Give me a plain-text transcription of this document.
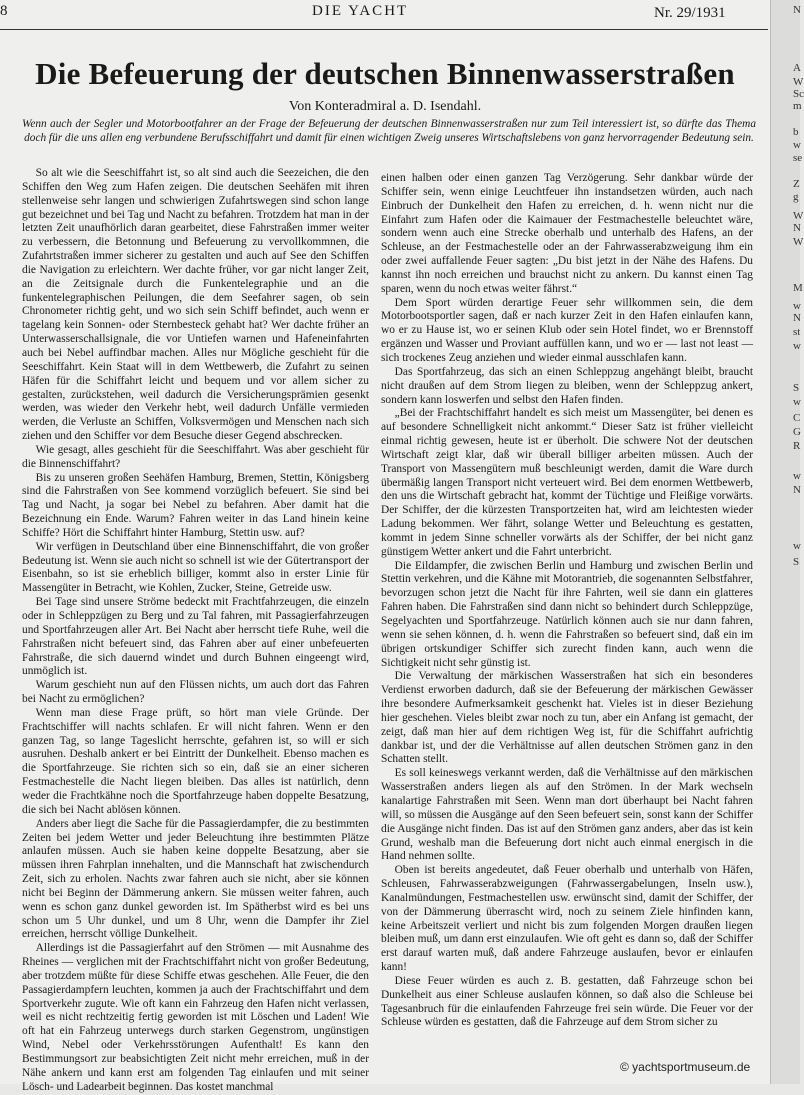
8	DIE YACHT	Nr. 29/1931
Die Befeuerung der deutschen Binnenwasserstraßen
Von Konteradmiral a. D. Isendahl.
Wenn auch der Segler und Motorbootfahrer an der Frage der Befeuerung der deutschen Binnenwasserstraßen nur zum Teil interessiert ist, so dürfte das Thema doch für die uns allen eng verbundene Berufsschiffahrt und damit für einen wichtigen Zweig unseres Wirtschaftslebens von ganz hervorragender Bedeutung sein.

So alt wie die Seeschiffahrt ist, so alt sind auch die Seezeichen, die den Schiffen den Weg zum Hafen zeigen. Die deutschen Seehäfen mit ihren stellenweise sehr langen und schwierigen Zufahrtswegen sind schon lange gut bezeichnet und bei Tag und Nacht zu befahren. Trotzdem hat man in der letzten Zeit unaufhörlich daran gearbeitet, diese Fahrstraßen immer weiter zu verbessern, die Betonnung und Befeuerung zu vervollkommnen, die Zufahrtstraßen immer sicherer zu gestalten und auch auf See den Schiffen die Navigation zu erleichtern. Wer dachte früher, vor gar nicht langer Zeit, an die Zeitsignale durch die Funkentelegraphie und an die funkentelegraphischen Peilungen, die dem Seefahrer sagen, ob sein Chronometer richtig geht, und wo sich sein Schiff befindet, auch wenn er tagelang kein Sonnen- oder Sternbesteck gehabt hat? Wer dachte früher an Unterwasserschallsignale, die vor Untiefen warnen und Hafeneinfahrten auch bei Nebel auffindbar machen. Alles nur Mögliche geschieht für die Seeschiffahrt. Kein Staat will in dem Wettbewerb, die Zufahrt zu seinen Häfen für die Schiffahrt leicht und bequem und vor allem sicher zu gestalten, zurückstehen, weil dadurch die Versicherungsprämien gesenkt werden, was wieder den Verkehr hebt, weil dadurch Unfälle vermieden werden, die Verluste an Schiffen, Volksvermögen und Menschen nach sich ziehen und den Schiffer vor dem Besuche dieser Gegend abschrecken.

Wie gesagt, alles geschieht für die Seeschiffahrt. Was aber geschieht für die Binnenschiffahrt?

Bis zu unseren großen Seehäfen Hamburg, Bremen, Stettin, Königsberg sind die Fahrstraßen von See kommend vorzüglich befeuert. Sie sind bei Tag und Nacht, ja sogar bei Nebel zu befahren. Aber damit hat die Bezeichnung ein Ende. Warum? Fahren weiter in das Land hinein keine Schiffe? Hört die Schiffahrt hinter Hamburg, Stettin usw. auf?

Wir verfügen in Deutschland über eine Binnenschiffahrt, die von großer Bedeutung ist. Wenn sie auch nicht so schnell ist wie der Gütertransport der Eisenbahn, so ist sie erheblich billiger, kommt also in erster Linie für Massengüter in Betracht, wie Kohlen, Zucker, Steine, Getreide usw.

Bei Tage sind unsere Ströme bedeckt mit Frachtfahrzeugen, die einzeln oder in Schleppzügen zu Berg und zu Tal fahren, mit Passagierfahrzeugen und Sportfahrzeugen aller Art. Bei Nacht aber herrscht tiefe Ruhe, weil die Fahrstraßen nicht befeuert sind, das Fahren aber auf einer unbefeuerten Fahrstraße, die sich dauernd windet und durch Buhnen eingeengt wird, unmöglich ist.

Warum geschieht nun auf den Flüssen nichts, um auch dort das Fahren bei Nacht zu ermöglichen?

Wenn man diese Frage prüft, so hört man viele Gründe. Der Frachtschiffer will nachts schlafen. Er will nicht fahren. Wenn er den ganzen Tag, so lange Tageslicht herrschte, gefahren ist, so will er sich ausruhen. Deshalb ankert er bei Eintritt der Dunkelheit. Ebenso machen es die Sportfahrzeuge. Sie richten sich so ein, daß sie an einer sicheren Festmachestelle die Nacht liegen bleiben. Das alles ist natürlich, denn weder die Frachtkähne noch die Sportfahrzeuge haben doppelte Besatzung, die sich bei Nacht ablösen können.

Anders aber liegt die Sache für die Passagierdampfer, die zu bestimmten Zeiten bei jedem Wetter und jeder Beleuchtung ihre bestimmten Plätze anlaufen müssen. Auch sie haben keine doppelte Besatzung, aber sie müssen ihren Fahrplan innehalten, und die Mannschaft hat zwischendurch Zeit, sich zu erholen. Nachts zwar fahren auch sie nicht, aber sie können nicht bei Beginn der Dämmerung ankern. Sie müssen weiter fahren, auch wenn es schon ganz dunkel geworden ist. Im Spätherbst wird es bei uns schon um 5 Uhr dunkel, und um 8 Uhr, wenn die Dampfer ihr Ziel erreichen, herrscht völlige Dunkelheit.

Allerdings ist die Passagierfahrt auf den Strömen — mit Ausnahme des Rheines — verglichen mit der Frachtschiffahrt nicht von großer Bedeutung, aber trotzdem müßte für diese Schiffe etwas geschehen. Alle Feuer, die den Passagierdampfern leuchten, kommen ja auch der Frachtschiffahrt und dem Sportverkehr zugute. Wie oft kann ein Fahrzeug den Hafen nicht verlassen, weil es nicht rechtzeitig fertig geworden ist mit Löschen und Laden! Wie oft hat ein Fahrzeug unterwegs durch starken Gegenstrom, ungünstigen Wind, Nebel oder Verkehrsstörungen Aufenthalt! Es kann den Bestimmungsort zur beabsichtigten Zeit nicht mehr erreichen, muß in der Nähe ankern und kann erst am folgenden Tag einlaufen und mit seiner Lösch- und Ladearbeit beginnen. Das kostet manchmal

einen halben oder einen ganzen Tag Verzögerung. Sehr dankbar würde der Schiffer sein, wenn einige Leuchtfeuer ihn instandsetzen würden, auch nach Einbruch der Dunkelheit den Hafen zu erreichen, d. h. wenn nicht nur die Einfahrt zum Hafen oder die Kaimauer der Festmachestelle beleuchtet wäre, sondern wenn auch eine Strecke oberhalb und unterhalb des Hafens, an der Schleuse, an der Festmachestelle oder an der Fahrwasserabzweigung ihm ein oder zwei auffallende Feuer sagten: „Du bist jetzt in der Nähe des Hafens. Du kannst ihn noch erreichen und brauchst nicht zu ankern. Du kannst einen Tag sparen, wenn du noch etwas weiter fährst.“

Dem Sport würden derartige Feuer sehr willkommen sein, die dem Motorbootsportler sagen, daß er nach kurzer Zeit in den Hafen einlaufen kann, wo er zu Hause ist, wo er seinen Klub oder sein Hotel findet, wo er Brennstoff ergänzen und Wasser und Proviant auffüllen kann, und wo er — last not least — sich trockenes Zeug anziehen und wieder einmal ausschlafen kann.

Das Sportfahrzeug, das sich an einen Schleppzug angehängt bleibt, braucht nicht draußen auf dem Strom liegen zu bleiben, wenn der Schleppzug ankert, sondern kann loswerfen und selbst den Hafen finden.

„Bei der Frachtschiffahrt handelt es sich meist um Massengüter, bei denen es auf besondere Schnelligkeit nicht ankommt.“ Dieser Satz ist früher vielleicht einmal richtig gewesen, heute ist er überholt. Die schwere Not der deutschen Wirtschaft zeigt klar, daß wir überall billiger arbeiten müssen. Auch der Transport von Massengütern muß beschleunigt werden, damit die Ware durch übermäßig langen Transport nicht verteuert wird. Bei dem enormen Wettbewerb, den uns die Wirtschaft gebracht hat, kommt der Tüchtige und Fleißige vorwärts. Der Schiffer, der die kürzesten Transportzeiten hat, wird am leichtesten wieder Ladung bekommen. Wer fährt, solange Wetter und Beleuchtung es gestatten, kommt in jedem Sinne schneller vorwärts als der Schiffer, der bei nicht ganz günstigem Wetter ankert und die Fahrt unterbricht.

Die Eildampfer, die zwischen Berlin und Hamburg und zwischen Berlin und Stettin verkehren, und die Kähne mit Motorantrieb, die sogenannten Selbstfahrer, bevorzugen schon jetzt die Nacht für ihre Fahrten, weil sie dann ein glatteres Fahren haben. Die Fahrstraßen sind dann nicht so behindert durch Schleppzüge, Segelyachten und Sportfahrzeuge. Natürlich können auch sie nur dann fahren, wenn sie sehen können, d. h. wenn die Fahrstraßen so befeuert sind, daß ein im übrigen ortskundiger Schiffer sich zurecht finden kann, auch wenn die Sichtigkeit nicht sehr günstig ist.

Die Verwaltung der märkischen Wasserstraßen hat sich ein besonderes Verdienst erworben dadurch, daß sie der Befeuerung der märkischen Gewässer ihre besondere Aufmerksamkeit geschenkt hat. Vieles ist in dieser Beziehung hier geschehen. Vieles bleibt zwar noch zu tun, aber ein Anfang ist gemacht, der zeigt, daß man hier auf dem richtigen Weg ist, für die Schiffahrt aufrichtig dankbar ist, und der die Verhältnisse auf allen deutschen Strömen ganz in den Schatten stellt.

Es soll keineswegs verkannt werden, daß die Verhältnisse auf den märkischen Wasserstraßen anders liegen als auf den Strömen. In der Mark wechseln kanalartige Fahrstraßen mit Seen. Wenn man dort überhaupt bei Nacht fahren will, so müssen die Ausgänge auf den Seen befeuert sein, sonst kann der Schiffer die Ausgänge nicht finden. Das ist auf den Strömen ganz anders, aber das ist kein Grund, weshalb man die Befeuerung dort nicht auch einmal energisch in die Hand nehmen sollte.

Oben ist bereits angedeutet, daß Feuer oberhalb und unterhalb von Häfen, Schleusen, Fahrwasserabzweigungen (Fahrwassergabelungen, Inseln usw.), Kanalmündungen, Festmachestellen usw. erwünscht sind, damit der Schiffer, der von der Dämmerung überrascht wird, noch zu seinem Ziele hinfinden kann, keine Arbeitszeit verliert und nicht bis zum folgenden Morgen draußen liegen bleiben muß, um dann erst einzulaufen. Wie oft geht es dann so, daß der Schiffer erst darauf warten muß, daß andere Fahrzeuge auslaufen, bevor er einlaufen kann!

Diese Feuer würden es auch z. B. gestatten, daß Fahrzeuge schon bei Dunkelheit aus einer Schleuse auslaufen können, so daß also die Schleuse bei Tagesanbruch für die einlaufenden Fahrzeuge frei sein würde. Die Feuer vor der Schleuse würden es gestatten, daß die Fahrzeuge auf dem Strom sicher zu

© yachtsportmuseum.de
N
A
W
Sc
m
b
w
se
Z
g
W
N
W
M
w
N
st
w
S
w
C
G
R
w
N
w
S
